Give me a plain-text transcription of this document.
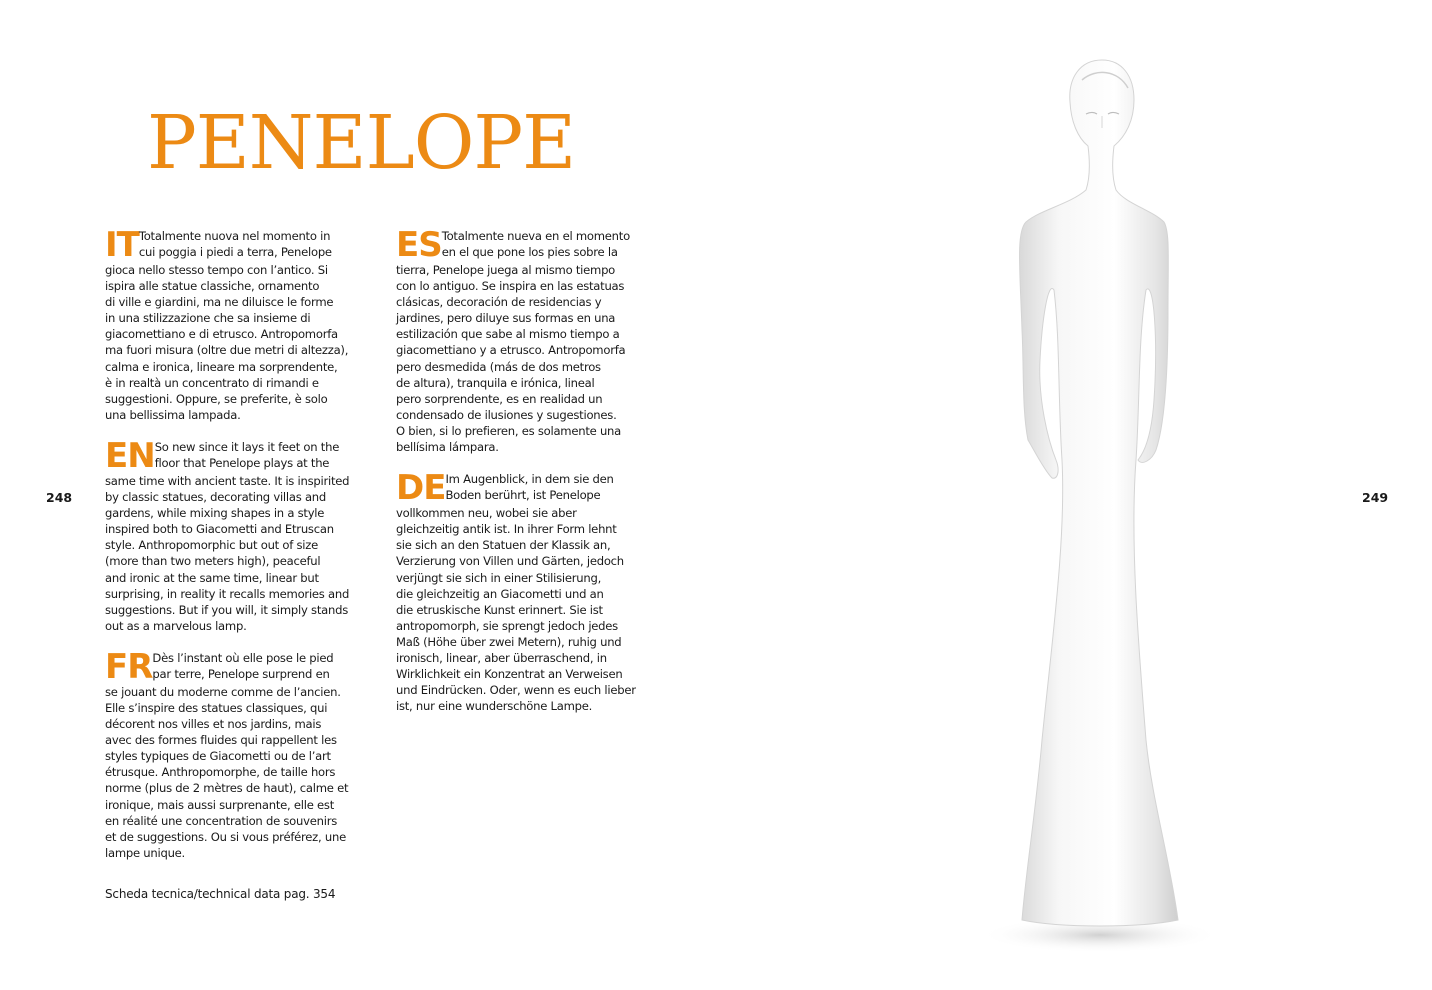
PENELOPE
248	249
IT Totalmente nuova nel momento in
cui poggia i piedi a terra, Penelope
gioca nello stesso tempo con l’antico. Si
ispira alle statue classiche, ornamento
di ville e giardini, ma ne diluisce le forme
in una stilizzazione che sa insieme di
giacomettiano e di etrusco. Antropomorfa
ma fuori misura (oltre due metri di altezza),
calma e ironica, lineare ma sorprendente,
è in realtà un concentrato di rimandi e
suggestioni. Oppure, se preferite, è solo
una bellissima lampada.
EN So new since it lays it feet on the
floor that Penelope plays at the
same time with ancient taste. It is inspirited
by classic statues, decorating villas and
gardens, while mixing shapes in a style
inspired both to Giacometti and Etruscan
style. Anthropomorphic but out of size
(more than two meters high), peaceful
and ironic at the same time, linear but
surprising, in reality it recalls memories and
suggestions. But if you will, it simply stands
out as a marvelous lamp.
FR Dès l’instant où elle pose le pied
par terre, Penelope surprend en
se jouant du moderne comme de l’ancien.
Elle s’inspire des statues classiques, qui
décorent nos villes et nos jardins, mais
avec des formes fluides qui rappellent les
styles typiques de Giacometti ou de l’art
étrusque. Anthropomorphe, de taille hors
norme (plus de 2 mètres de haut), calme et
ironique, mais aussi surprenante, elle est
en réalité une concentration de souvenirs
et de suggestions. Ou si vous préférez, une
lampe unique.
ES Totalmente nueva en el momento
en el que pone los pies sobre la
tierra, Penelope juega al mismo tiempo
con lo antiguo. Se inspira en las estatuas
clásicas, decoración de residencias y
jardines, pero diluye sus formas en una
estilización que sabe al mismo tiempo a
giacomettiano y a etrusco. Antropomorfa
pero desmedida (más de dos metros
de altura), tranquila e irónica, lineal
pero sorprendente, es en realidad un
condensado de ilusiones y sugestiones.
O bien, si lo prefieren, es solamente una
bellísima lámpara.
DE Im Augenblick, in dem sie den
Boden berührt, ist Penelope
vollkommen neu, wobei sie aber
gleichzeitig antik ist. In ihrer Form lehnt
sie sich an den Statuen der Klassik an,
Verzierung von Villen und Gärten, jedoch
verjüngt sie sich in einer Stilisierung,
die gleichzeitig an Giacometti und an
die etruskische Kunst erinnert. Sie ist
antropomorph, sie sprengt jedoch jedes
Maß (Höhe über zwei Metern), ruhig und
ironisch, linear, aber überraschend, in
Wirklichkeit ein Konzentrat an Verweisen
und Eindrücken. Oder, wenn es euch lieber
ist, nur eine wunderschöne Lampe.
Scheda tecnica/technical data pag. 354
